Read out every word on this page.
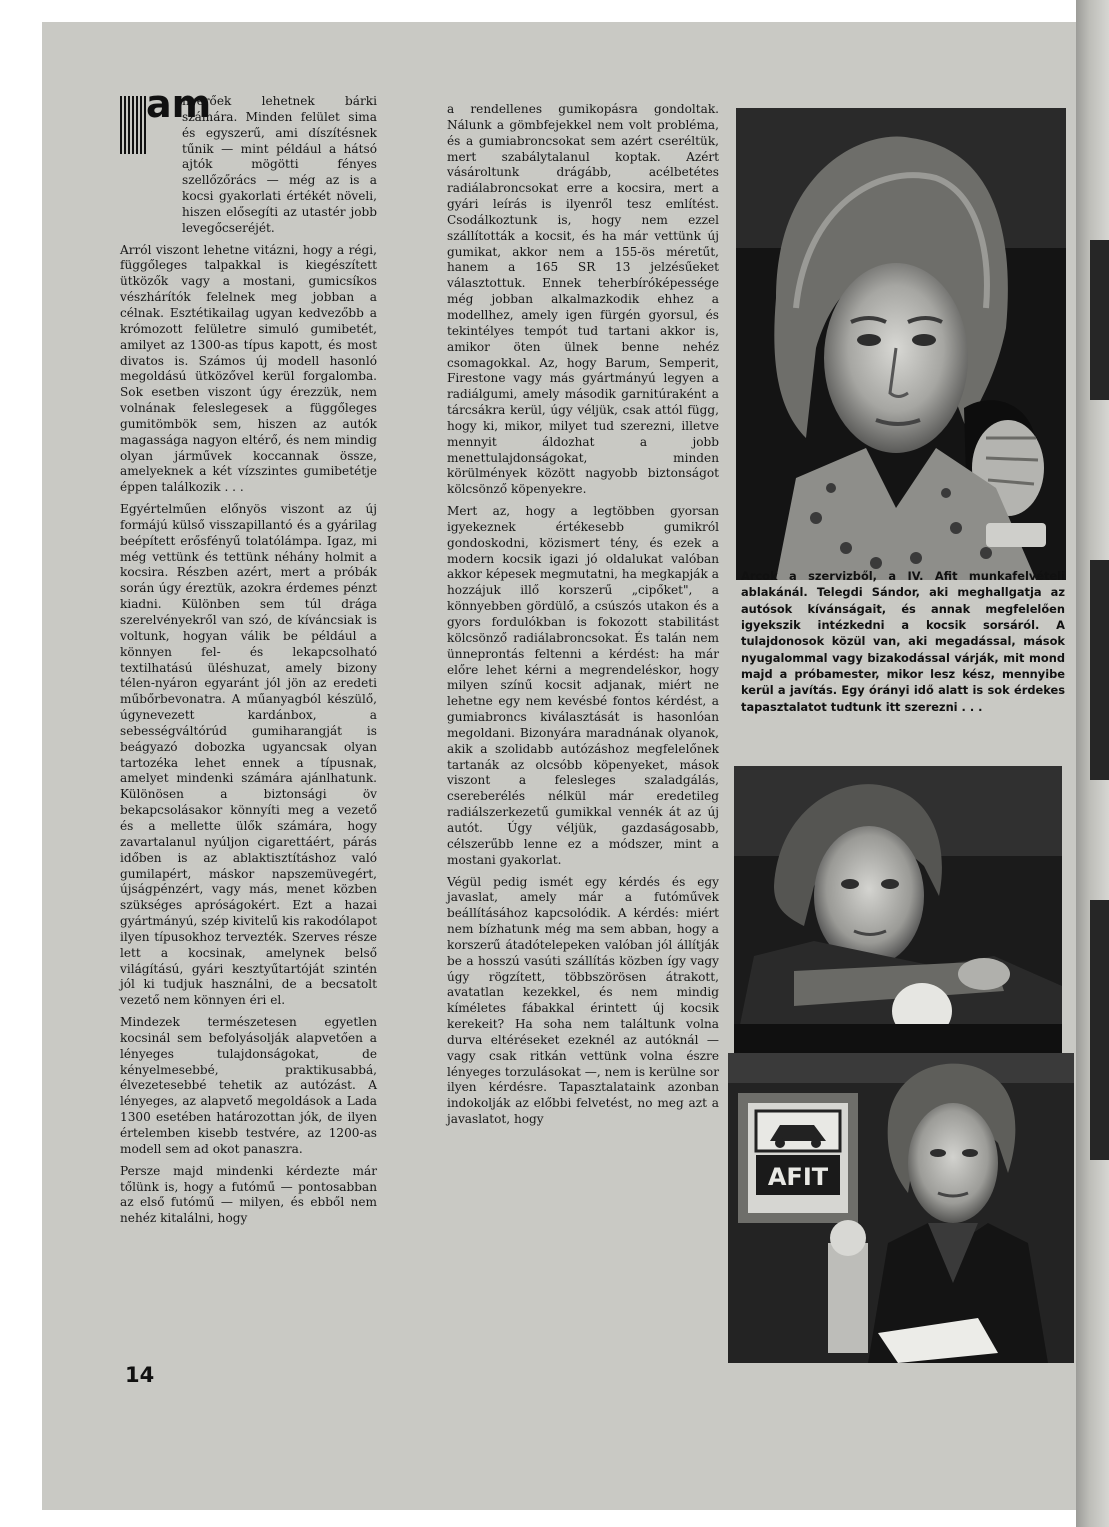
am

nyerőek lehetnek bárki számára. Minden felület sima és egyszerű, ami díszítésnek tűnik — mint például a hátsó ajtók mögötti fényes szellőzőrács — még az is a kocsi gyakorlati értékét növeli, hiszen elősegíti az utastér jobb levegőcseréjét.

Arról viszont lehetne vitázni, hogy a régi, függőleges talpakkal is kiegészített ütközők vagy a mostani, gumicsíkos vészhárítók felelnek meg jobban a célnak. Esztétikailag ugyan kedvezőbb a krómozott felületre simuló gumibetét, amilyet az 1300-as típus kapott, és most divatos is. Számos új modell hasonló megoldású ütközővel kerül forgalomba. Sok esetben viszont úgy érezzük, nem volnának feleslegesek a függőleges gumitömbök sem, hiszen az autók magassága nagyon eltérő, és nem mindig olyan járművek koccannak össze, amelyeknek a két vízszintes gumibetétje éppen találkozik . . .

Egyértelműen előnyös viszont az új formájú külső visszapillantó és a gyárilag beépített erősfényű tolatólámpa. Igaz, mi még vettünk és tettünk néhány holmit a kocsira. Részben azért, mert a próbák során úgy éreztük, azokra érdemes pénzt kiadni. Különben sem túl drága szerelvényekről van szó, de kíváncsiak is voltunk, hogyan válik be például a könnyen fel- és lekapcsolható textilhatású üléshuzat, amely bizony télen-nyáron egyaránt jól jön az eredeti műbőrbevonatra. A műanyagból készülő, úgynevezett kardánbox, a sebességváltórúd gumiharangját is beágyazó dobozka ugyancsak olyan tartozéka lehet ennek a típusnak, amelyet mindenki számára ajánlhatunk. Különösen a biztonsági öv bekapcsolásakor könnyíti meg a vezető és a mellette ülők számára, hogy zavartalanul nyúljon cigarettáért, párás időben is az ablaktisztításhoz való gumilapért, máskor napszemüvegért, újságpénzért, vagy más, menet közben szükséges apróságokért. Ezt a hazai gyártmányú, szép kivitelű kis rakodólapot ilyen típusokhoz tervezték. Szerves része lett a kocsinak, amelynek belső világítású, gyári kesztyűtartóját szintén jól ki tudjuk használni, de a becsatolt vezető nem könnyen éri el.

Mindezek természetesen egyetlen kocsinál sem befolyásolják alapvetően a lényeges tulajdonságokat, de kényelmesebbé, praktikusabbá, élvezetesebbé tehetik az autózást. A lényeges, az alapvető megoldások a Lada 1300 esetében határozottan jók, de ilyen értelemben kisebb testvére, az 1200-as modell sem ad okot panaszra.

Persze majd mindenki kérdezte már tőlünk is, hogy a futómű — pontosabban az első futómű — milyen, és ebből nem nehéz kitalálni, hogy

a rendellenes gumikopásra gondoltak. Nálunk a gömbfejekkel nem volt probléma, és a gumiabroncsokat sem azért cseréltük, mert szabálytalanul koptak. Azért vásároltunk drágább, acélbetétes radiálabroncsokat erre a kocsira, mert a gyári leírás is ilyenről tesz említést. Csodálkoztunk is, hogy nem ezzel szállították a kocsit, és ha már vettünk új gumikat, akkor nem a 155-ös méretűt, hanem a 165 SR 13 jelzésűeket választottuk. Ennek teherbíróképessége még jobban alkalmazkodik ehhez a modellhez, amely igen fürgén gyorsul, és tekintélyes tempót tud tartani akkor is, amikor öten ülnek benne nehéz csomagokkal. Az, hogy Barum, Semperit, Firestone vagy más gyártmányú legyen a radiálgumi, amely második garnitúraként a tárcsákra kerül, úgy véljük, csak attól függ, hogy ki, mikor, milyet tud szerezni, illetve mennyit áldozhat a jobb menettulajdonságokat, minden körülmények között nagyobb biztonságot kölcsönző köpenyekre.

Mert az, hogy a legtöbben gyorsan igyekeznek értékesebb gumikról gondoskodni, közismert tény, és ezek a modern kocsik igazi jó oldalukat valóban akkor képesek megmutatni, ha megkapják a hozzájuk illő korszerű „cipőket", a könnyebben gördülő, a csúszós utakon és a gyors fordulókban is fokozott stabilitást kölcsönző radiálabroncsokat. És talán nem ünneprontás feltenni a kérdést: ha már előre lehet kérni a megrendeléskor, hogy milyen színű kocsit adjanak, miért ne lehetne egy nem kevésbé fontos kérdést, a gumiabroncs kiválasztását is hasonlóan megoldani. Bizonyára maradnának olyanok, akik a szolidabb autózáshoz megfelelőnek tartanák az olcsóbb köpenyeket, mások viszont a felesleges szaladgálás, csereberélés nélkül már eredetileg radiálszerkezetű gumikkal vennék át az új autót. Úgy véljük, gazdaságosabb, célszerűbb lenne ez a módszer, mint a mostani gyakorlat.

Végül pedig ismét egy kérdés és egy javaslat, amely már a futóművek beállításához kapcsolódik. A kérdés: miért nem bízhatunk még ma sem abban, hogy a korszerű átadótelepeken valóban jól állítják be a hosszú vasúti szállítás közben így vagy úgy rögzített, többszörösen átrakott, avatatlan kezekkel, és nem mindig kíméletes fábakkal érintett új kocsik kerekeit? Ha soha nem találtunk volna durva eltéréseket ezeknél az autóknál — vagy csak ritkán vettünk volna észre lényeges torzulásokat —, nem is kerülne sor ilyen kérdésre. Tapasztalataink azonban indokolják az előbbi felvetést, no meg azt a javaslatot, hogy

Arcok a szervizből, a IV. Afit munkafelvételi ablakánál. Telegdi Sándor, aki meghallgatja az autósok kívánságait, és annak megfelelően igyekszik intézkedni a kocsik sorsáról. A tulajdonosok közül van, aki megadással, mások nyugalommal vagy bizakodással várják, mit mond majd a próbamester, mikor lesz kész, mennyibe kerül a javítás. Egy órányi idő alatt is sok érdekes tapasztalatot tudtunk itt szerezni . . .
AFIT
14
